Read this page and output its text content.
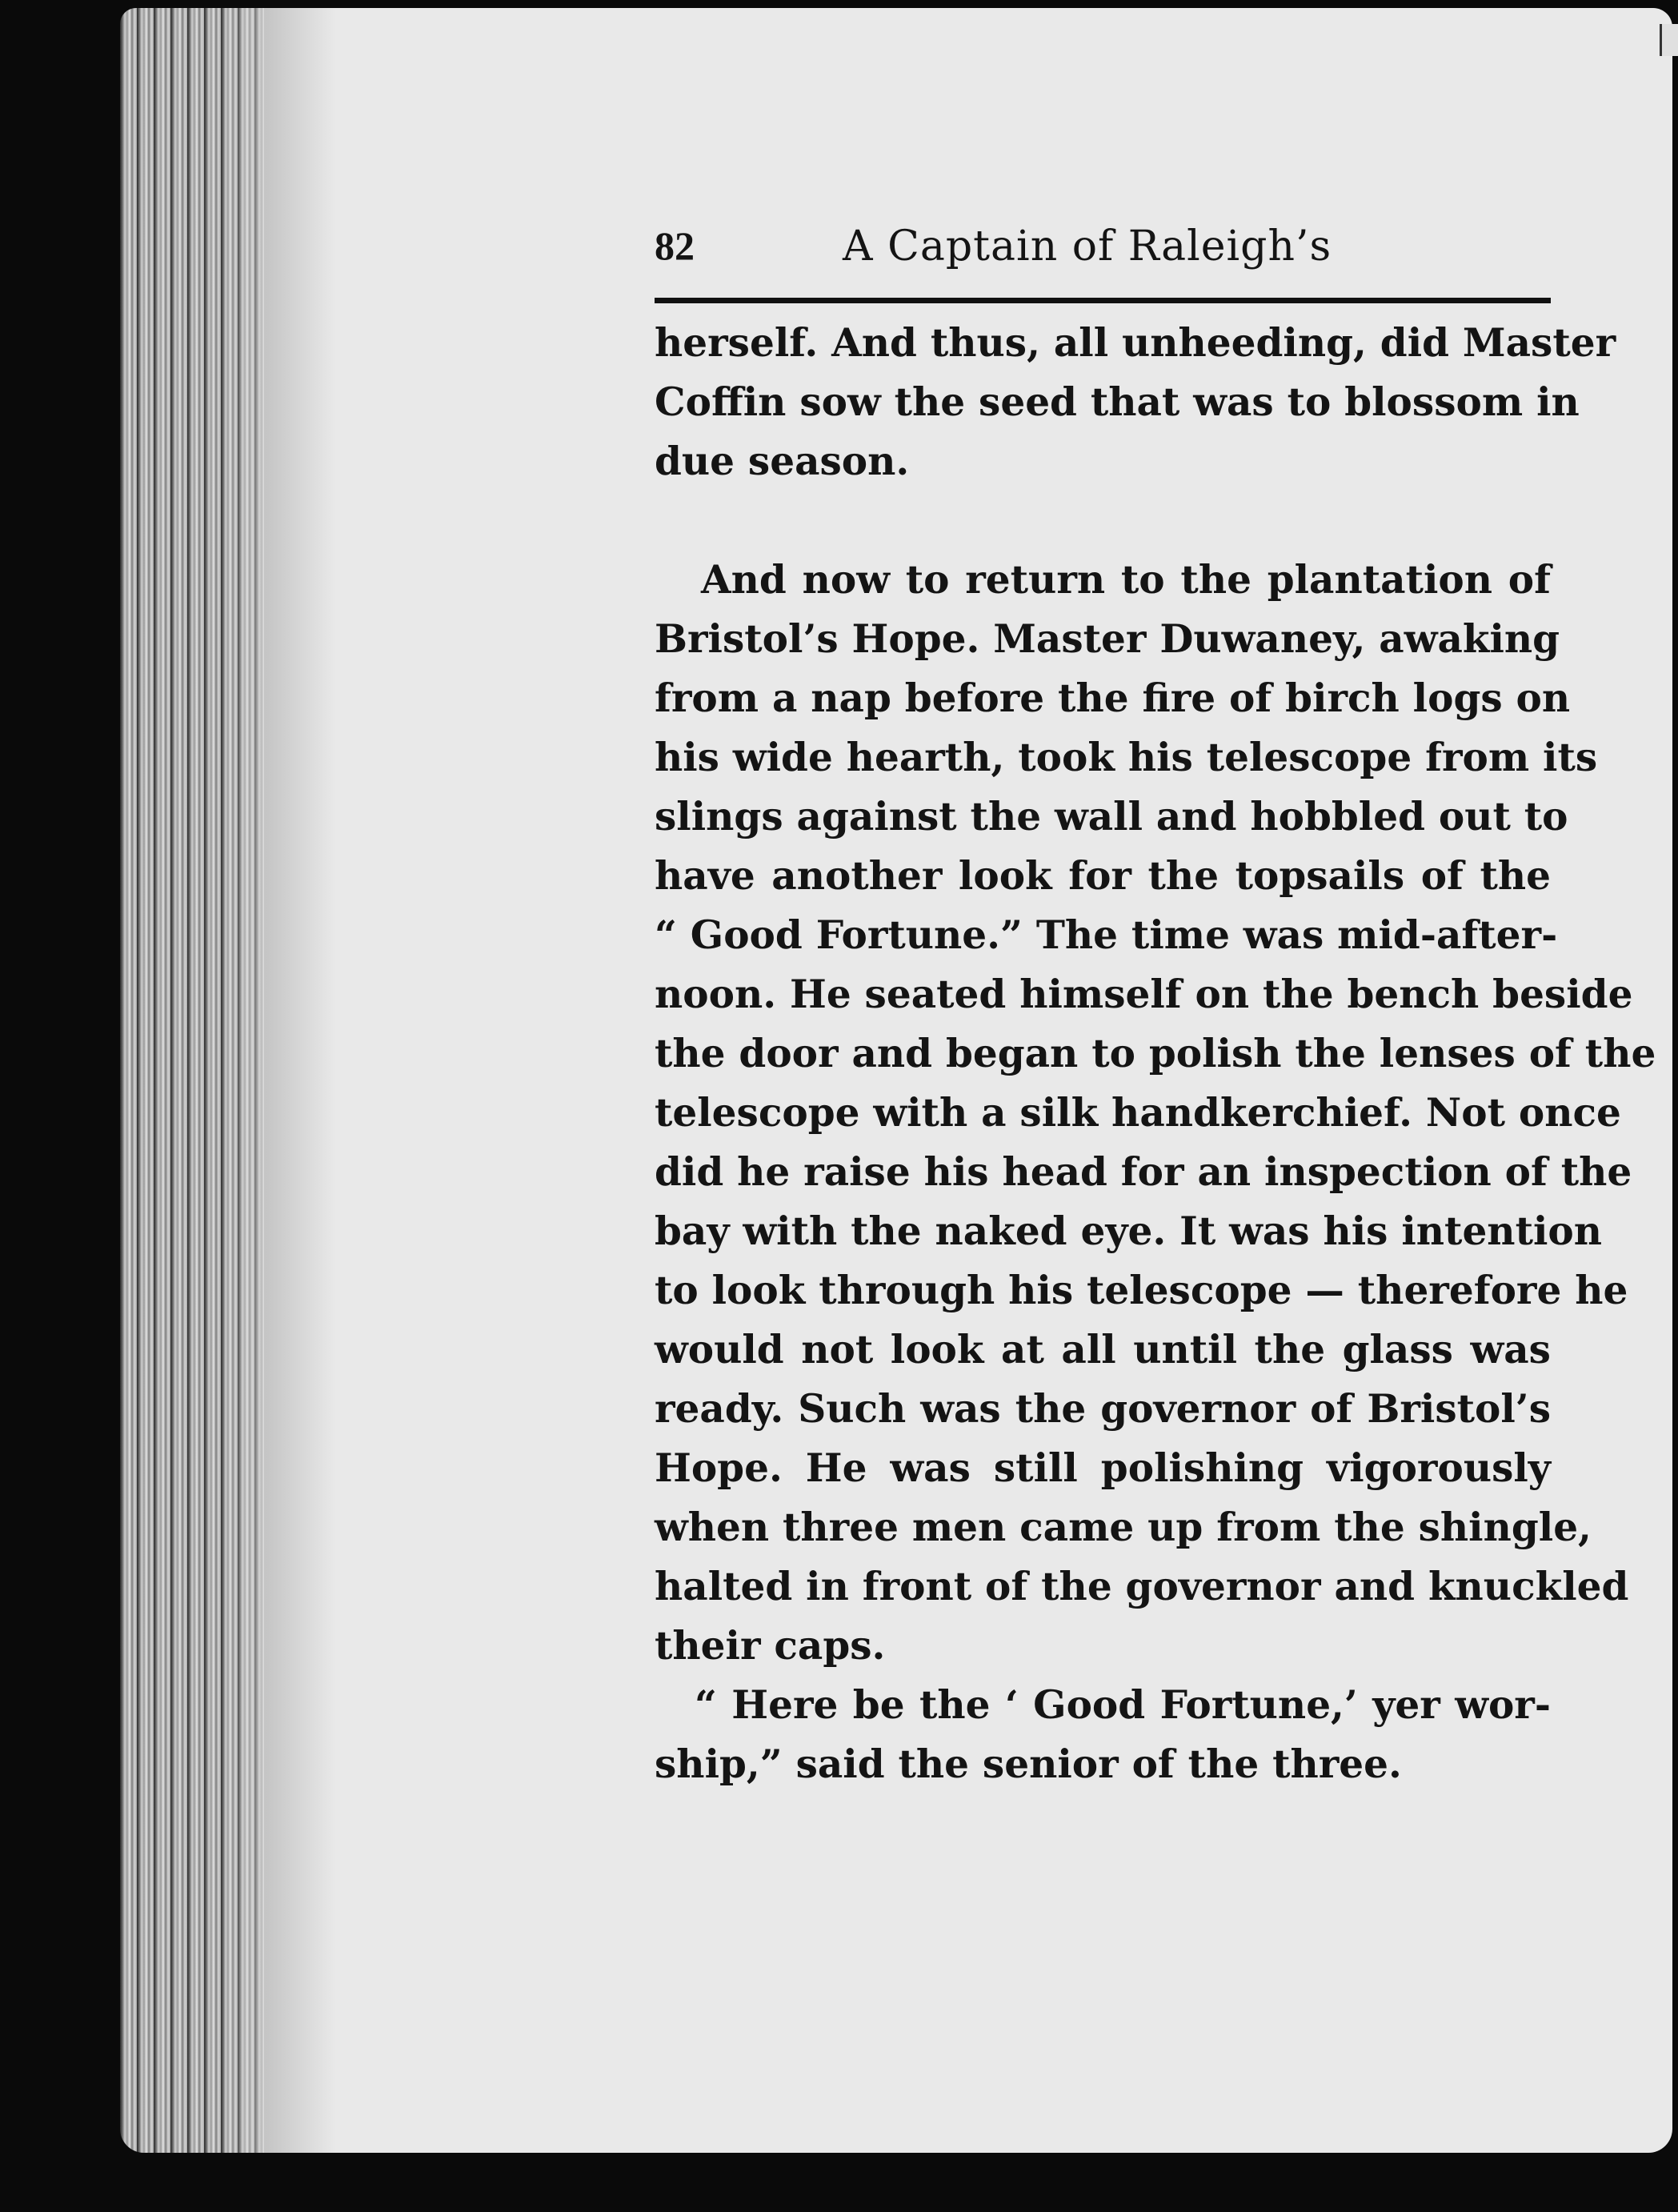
82	A Captain of Raleigh’s
herself. And thus, all unheeding, did Master
Coffin sow the seed that was to blossom in
due season.
And now to return to the plantation of
Bristol’s Hope. Master Duwaney, awaking
from a nap before the fire of birch logs on
his wide hearth, took his telescope from its
slings against the wall and hobbled out to
have another look for the topsails of the
“ Good Fortune.” The time was mid-after-
noon. He seated himself on the bench beside
the door and began to polish the lenses of the
telescope with a silk handkerchief. Not once
did he raise his head for an inspection of the
bay with the naked eye. It was his intention
to look through his telescope — therefore he
would not look at all until the glass was
ready. Such was the governor of Bristol’s
Hope. He was still polishing vigorously
when three men came up from the shingle,
halted in front of the governor and knuckled
their caps.
“ Here be the ‘ Good Fortune,’ yer wor-
ship,” said the senior of the three.
